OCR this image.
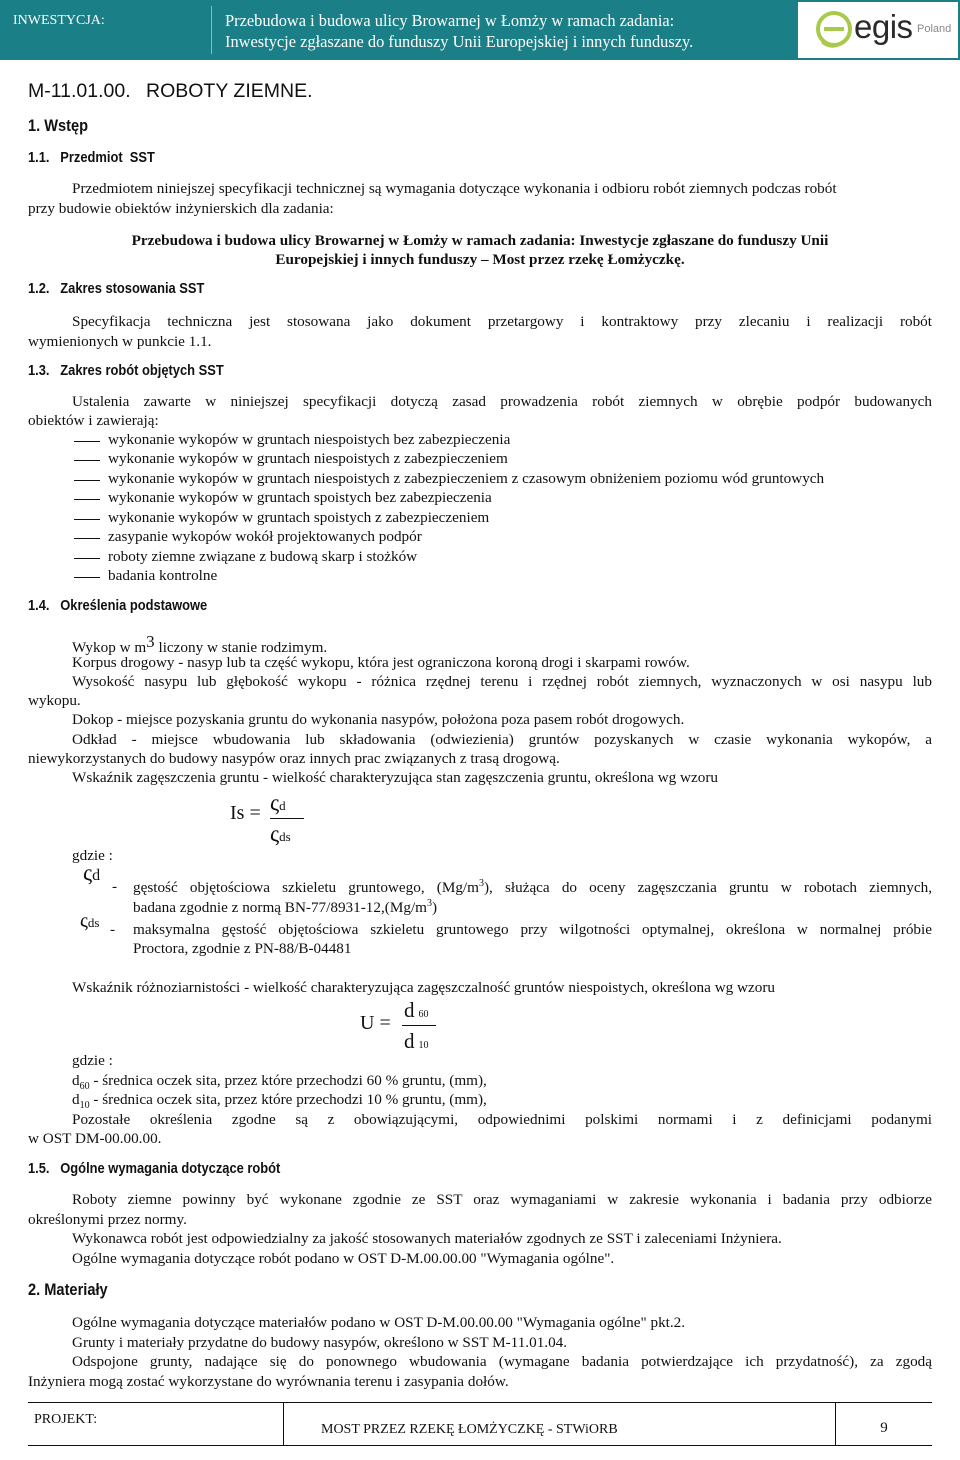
INWESTYCJA:	Przebudowa i budowa ulicy Browarnej w Łomży w ramach zadania:
Inwestycje zgłaszane do funduszy Unii Europejskiej i innych funduszy.	egis Poland
M-11.01.00. ROBOTY ZIEMNE.
1. Wstęp
1.1.   Przedmiot  SST
Przedmiotem niniejszej specyfikacji technicznej są wymagania dotyczące wykonania i odbioru robót ziemnych podczas robót
przy budowie obiektów inżynierskich dla zadania:
Przebudowa i budowa ulicy Browarnej w Łomży w ramach zadania: Inwestycje zgłaszane do funduszy Unii
Europejskiej i innych funduszy – Most przez rzekę Łomżyczkę.
1.2.   Zakres stosowania SST
Specyfikacja techniczna jest stosowana jako dokument przetargowy i kontraktowy przy zlecaniu i realizacji robót
wymienionych w punkcie 1.1.
1.3.   Zakres robót objętych SST
Ustalenia zawarte w niniejszej specyfikacji dotyczą zasad prowadzenia robót ziemnych w obrębie podpór budowanych
obiektów i zawierają:
wykonanie wykopów w gruntach niespoistych bez zabezpieczenia
wykonanie wykopów w gruntach niespoistych z zabezpieczeniem
wykonanie wykopów w gruntach niespoistych z zabezpieczeniem z czasowym obniżeniem poziomu wód gruntowych
wykonanie wykopów w gruntach spoistych bez zabezpieczenia
wykonanie wykopów w gruntach spoistych z zabezpieczeniem
zasypanie wykopów wokół projektowanych podpór
roboty ziemne związane z budową skarp i stożków
badania kontrolne
1.4.   Określenia podstawowe
Wykop w $m^3$ liczony w stanie rodzimym.
Korpus drogowy - nasyp lub ta część wykopu, która jest ograniczona koroną drogi i skarpami rowów.
Wysokość nasypu lub głębokość wykopu - różnica rzędnej terenu i rzędnej robót ziemnych, wyznaczonych w osi nasypu lub
wykopu.
Dokop - miejsce pozyskania gruntu do wykonania nasypów, położona poza pasem robót drogowych.
Odkład - miejsce wbudowania lub składowania (odwiezienia) gruntów pozyskanych w czasie wykonania wykopów, a
niewykorzystanych do budowy nasypów oraz innych prac związanych z trasą drogową.
Wskaźnik zagęszczenia gruntu - wielkość charakteryzująca stan zagęszczenia gruntu, określona wg wzoru
Is = ςd
ςds
gdzie :
ςd
- gęstość objętościowa szkieletu gruntowego, $(Mg/m^3)$, służąca do oceny zagęszczania gruntu w robotach ziemnych,
badana zgodnie z normą $BN-77/8931-12,(Mg/m^3)$
ςds - maksymalna gęstość objętościowa szkieletu gruntowego przy wilgotności optymalnej, określona w normalnej próbie
Proctora, zgodnie z PN-88/B-04481
Wskaźnik różnoziarnistości - wielkość charakteryzująca zagęszczalność gruntów niespoistych, określona wg wzoru
U =
d 60
d 10
gdzie :
$d_{60}$ - średnica oczek sita, przez które przechodzi 60 % gruntu, (mm),
$d_{10}$ - średnica oczek sita, przez które przechodzi 10 % gruntu, (mm),
Pozostałe określenia zgodne są z obowiązującymi, odpowiednimi polskimi normami i z definicjami podanymi
w OST DM-00.00.00.
1.5.   Ogólne wymagania dotyczące robót
Roboty ziemne powinny być wykonane zgodnie ze SST oraz wymaganiami w zakresie wykonania i badania przy odbiorze
określonymi przez normy.
Wykonawca robót jest odpowiedzialny za jakość stosowanych materiałów zgodnych ze SST i zaleceniami Inżyniera.
Ogólne wymagania dotyczące robót podano w OST D-M.00.00.00 "Wymagania ogólne".
2. Materiały
Ogólne wymagania dotyczące materiałów podano w OST D-M.00.00.00 "Wymagania ogólne" pkt.2.
Grunty i materiały przydatne do budowy nasypów, określono w SST M-11.01.04.
Odspojone grunty, nadające się do ponownego wbudowania (wymagane badania potwierdzające ich przydatność), za zgodą
Inżyniera mogą zostać wykorzystane do wyrównania terenu i zasypania dołów.
PROJEKT:
MOST PRZEZ RZEKĘ ŁOMŻYCZKĘ - STWiORB	9
